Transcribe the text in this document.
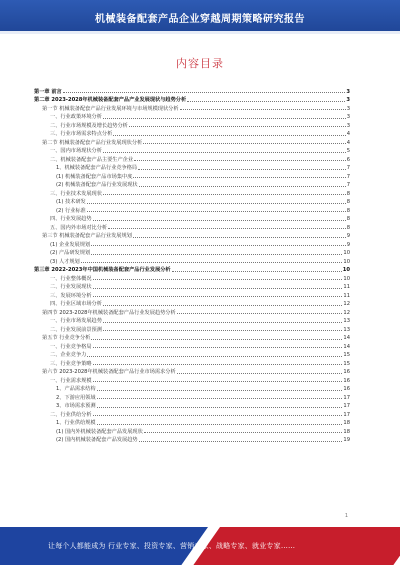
机械装备配套产品企业穿越周期策略研究报告
内容目录
第一章 前言	3
第二章 2023-2028年机械装备配套产品产业发展现状与趋势分析	3
第一节 机械装备配套产品行业发展环境与市场规模现状分析	3
一、行业政策环境分析	3
二、行业市场规模及增长趋势分析	3
三、行业市场需求特点分析	4
第二节 机械装备配套产品行业发展现状分析	4
一、国内市场现状分析	5
二、机械装备配套产品主要生产企业	6
1、机械装备配套产品行业竞争格局	7
(1) 机械装备配套产品市场集中度	7
(2) 机械装备配套产品行业发展现状	7
三、行业技术发展现状	8
(1) 技术研发	8
(2) 行业标准	8
四、行业发展趋势	8
五、国内外市场对比分析	8
第三节 机械装备配套产品行业发展规划	9
(1) 企业发展规划	9
(2) 产品研发规划	10
(3) 人才规划	10
第三章 2022-2023年中国机械装备配套产品行业发展分析	10
一、行业整体概况	10
二、行业发展现状	11
三、发展环境分析	11
四、行业区域市场分析	12
第四节 2023-2028年机械装备配套产品行业发展趋势分析	12
一、行业市场发展趋势	13
二、行业发展前景预测	13
第五节 行业竞争分析	14
一、行业竞争格局	14
二、企业竞争力	15
三、行业竞争策略	15
第六节 2023-2028年机械装备配套产品行业市场需求分析	16
一、行业需求规模	16
1、产品需求结构	16
2、下游应用领域	17
3、市场需求预测	17
二、行业供给分析	17
1、行业供给规模	18
(1) 国内外机械装备配套产品发展现状	18
(2) 国内机械装备配套产品发展趋势	19
1
让每个人都能成为 行业专家、投资专家、营销专家、战略专家、就业专家……
